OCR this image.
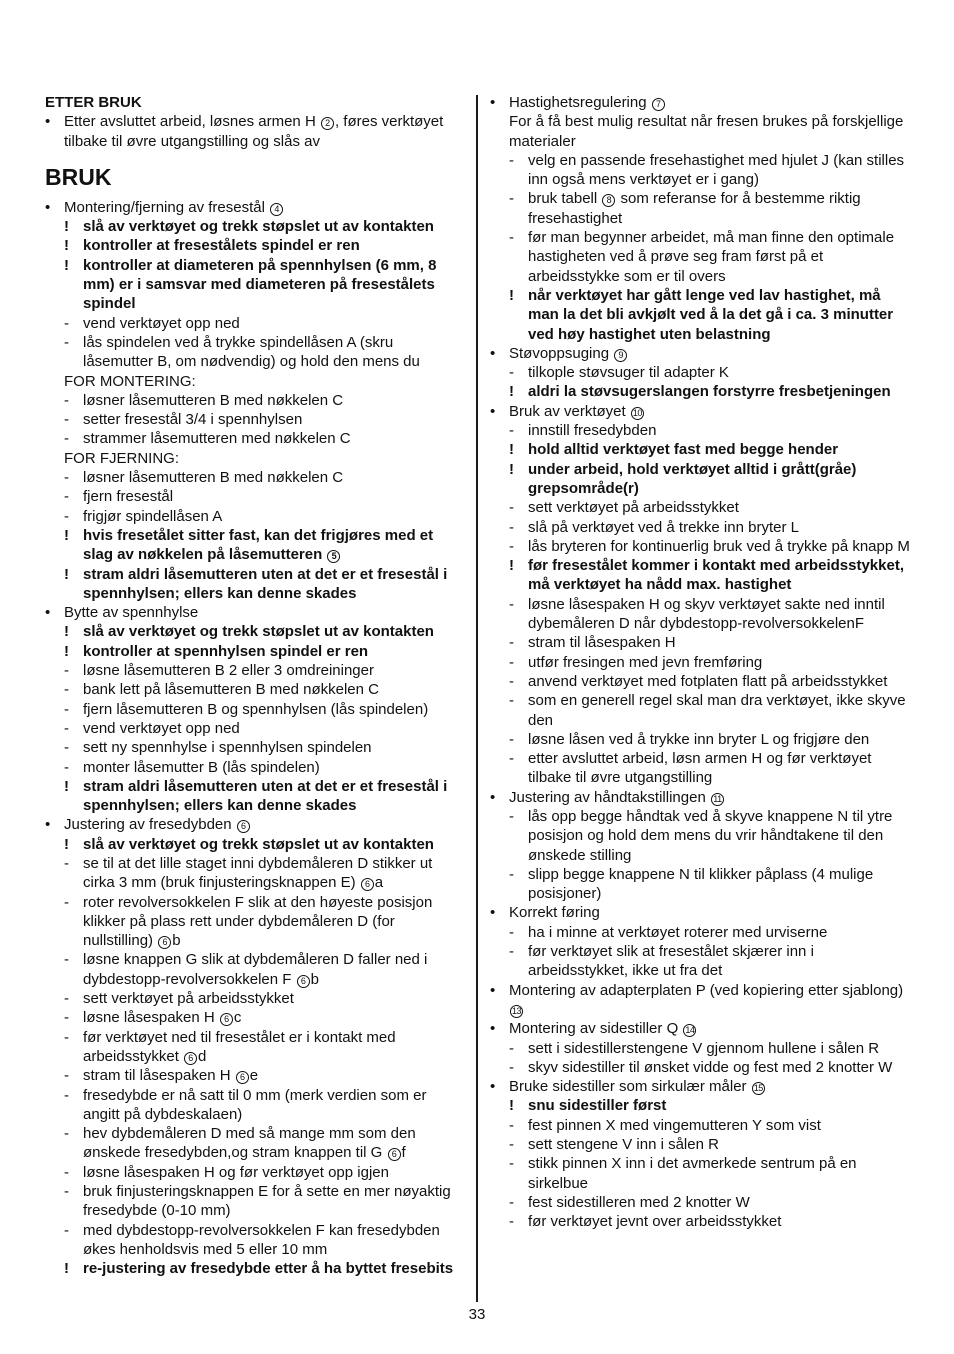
ETTER BRUK
• Etter avsluttet arbeid, løsnes armen H 2 , føres verktøyet tilbake til øvre utgangstilling og slås av
BRUK
• Montering/fjerning av fresestål 4
! slå av verktøyet og trekk støpslet ut av kontakten
! kontroller at fresestålets spindel er ren
! kontroller at diameteren på spennhylsen (6 mm, 8 mm) er i samsvar med diameteren på fresestålets spindel
- vend verktøyet opp ned
- lås spindelen ved å trykke spindellåsen A (skru låsemutter B, om nødvendig) og hold den mens du
FOR MONTERING:
- løsner låsemutteren B med nøkkelen C
- setter fresestål 3/4 i spennhylsen
- strammer låsemutteren med nøkkelen C
FOR FJERNING:
- løsner låsemutteren B med nøkkelen C
- fjern fresestål
- frigjør spindellåsen A
! hvis fresetålet sitter fast, kan det frigjøres med et slag av nøkkelen på låsemutteren 5
! stram aldri låsemutteren uten at det er et fresestål i spennhylsen; ellers kan denne skades
• Bytte av spennhylse
! slå av verktøyet og trekk støpslet ut av kontakten
! kontroller at spennhylsen spindel er ren
- løsne låsemutteren B 2 eller 3 omdreininger
- bank lett på låsemutteren B med nøkkelen C
- fjern låsemutteren B og spennhylsen (lås spindelen)
- vend verktøyet opp ned
- sett ny spennhylse i spennhylsen spindelen
- monter låsemutter B (lås spindelen)
! stram aldri låsemutteren uten at det er et fresestål i spennhylsen; ellers kan denne skades
• Justering av fresedybden 6
! slå av verktøyet og trekk støpslet ut av kontakten
- se til at det lille staget inni dybdemåleren D stikker ut cirka 3 mm (bruk finjusteringsknappen E) 6 a
- roter revolversokkelen F slik at den høyeste posisjon klikker på plass rett under dybdemåleren D (for nullstilling) 6 b
- løsne knappen G slik at dybdemåleren D faller ned i dybdestopp-revolversokkelen F 6 b
- sett verktøyet på arbeidsstykket
- løsne låsespaken H 6 c
- før verktøyet ned til fresestålet er i kontakt med arbeidsstykket 6 d
- stram til låsespaken H 6 e
- fresedybde er nå satt til 0 mm (merk verdien som er angitt på dybdeskalaen)
- hev dybdemåleren D med så mange mm som den ønskede fresedybden,og stram knappen til G 6 f
- løsne låsespaken H og før verktøyet opp igjen
- bruk finjusteringsknappen E for å sette en mer nøyaktig fresedybde (0-10 mm)
- med dybdestopp-revolversokkelen F kan fresedybden økes henholdsvis med 5 eller 10 mm
! re-justering av fresedybde etter å ha byttet fresebits
• Hastighetsregulering 7
For å få best mulig resultat når fresen brukes på forskjellige materialer
- velg en passende fresehastighet med hjulet J (kan stilles inn også mens verktøyet er i gang)
- bruk tabell 8 som referanse for å bestemme riktig fresehastighet
- før man begynner arbeidet, må man finne den optimale hastigheten ved å prøve seg fram først på et arbeidsstykke som er til overs
! når verktøyet har gått lenge ved lav hastighet, må man la det bli avkjølt ved å la det gå i ca. 3 minutter ved høy hastighet uten belastning
• Støvoppsuging 9
- tilkople støvsuger til adapter K
! aldri la støvsugerslangen forstyrre fresbetjeningen
• Bruk av verktøyet 10
- innstill fresedybden
! hold alltid verktøyet fast med begge hender
! under arbeid, hold verktøyet alltid i grått(gråe) grepsområde(r)
- sett verktøyet på arbeidsstykket
- slå på verktøyet ved å trekke inn bryter L
- lås bryteren for kontinuerlig bruk ved å trykke på knapp M
! før fresestålet kommer i kontakt med arbeidsstykket, må verktøyet ha nådd max. hastighet
- løsne låsespaken H og skyv verktøyet sakte ned inntil dybemåleren D når dybdestopp-revolversokkelenF
- stram til låsespaken H
- utfør fresingen med jevn fremføring
- anvend verktøyet med fotplaten flatt på arbeidsstykket
- som en generell regel skal man dra verktøyet, ikke skyve den
- løsne låsen ved å trykke inn bryter L og frigjøre den
- etter avsluttet arbeid, løsn armen H og før verktøyet tilbake til øvre utgangstilling
• Justering av håndtakstillingen 11
- lås opp begge håndtak ved å skyve knappene N til ytre posisjon og hold dem mens du vrir håndtakene til den ønskede stilling
- slipp begge knappene N til klikker påplass (4 mulige posisjoner)
• Korrekt føring
- ha i minne at verktøyet roterer med urviserne
- før verktøyet slik at fresestålet skjærer inn i arbeidsstykket, ikke ut fra det
• Montering av adapterplaten P (ved kopiering etter sjablong) 13
• Montering av sidestiller Q 14
- sett i sidestillerstengene V gjennom hullene i sålen R
- skyv sidestiller til ønsket vidde og fest med 2 knotter W
• Bruke sidestiller som sirkulær måler 15
! snu sidestiller først
- fest pinnen X med vingemutteren Y som vist
- sett stengene V inn i sålen R
- stikk pinnen X inn i det avmerkede sentrum på en sirkelbue
- fest sidestilleren med 2 knotter W
- før verktøyet jevnt over arbeidsstykket
33
